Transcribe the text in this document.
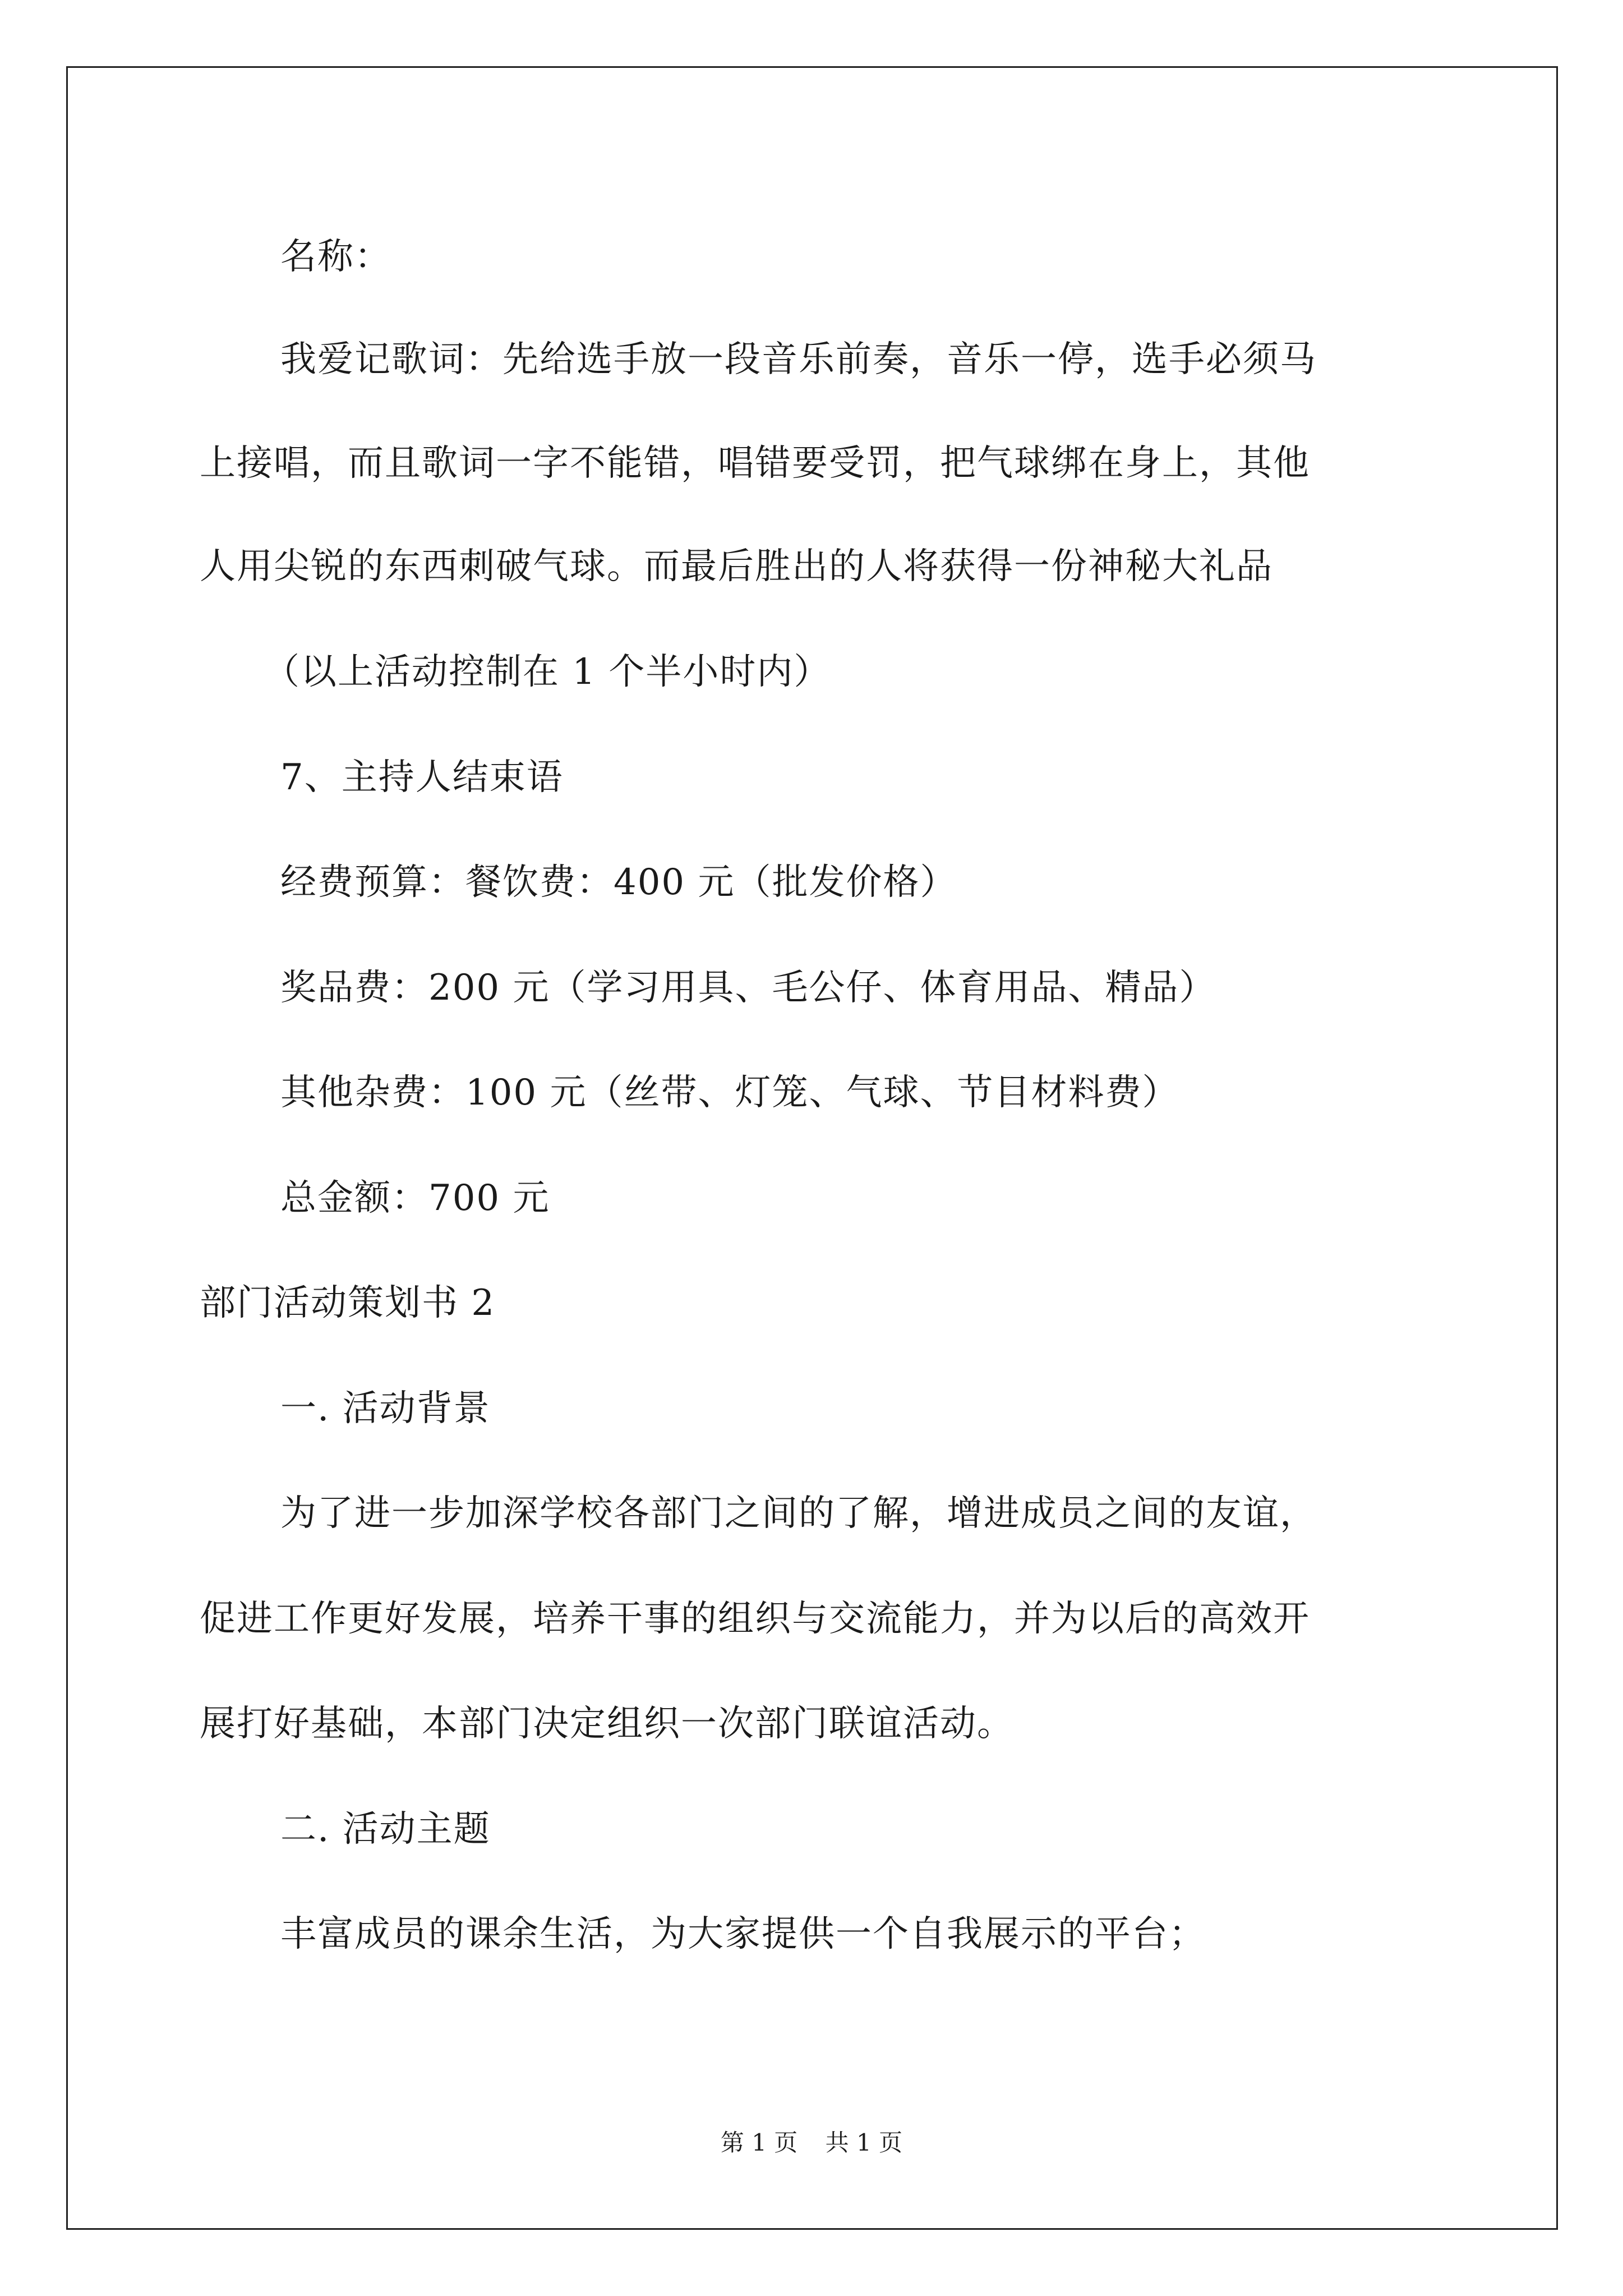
名称：
我爱记歌词：先给选手放一段音乐前奏，音乐一停，选手必须马
上接唱，而且歌词一字不能错，唱错要受罚，把气球绑在身上，其他
人用尖锐的东西刺破气球。而最后胜出的人将获得一份神秘大礼品
（以上活动控制在 1 个半小时内）
7、主持人结束语
经费预算：餐饮费：400 元（批发价格）
奖品费：200 元（学习用具、毛公仔、体育用品、精品）
其他杂费：100 元（丝带、灯笼、气球、节目材料费）
总金额：700 元
部门活动策划书 2
一. 活动背景
为了进一步加深学校各部门之间的了解，增进成员之间的友谊，
促进工作更好发展，培养干事的组织与交流能力，并为以后的高效开
展打好基础，本部门决定组织一次部门联谊活动。
二. 活动主题
丰富成员的课余生活，为大家提供一个自我展示的平台；
第 1 页 共 1 页
